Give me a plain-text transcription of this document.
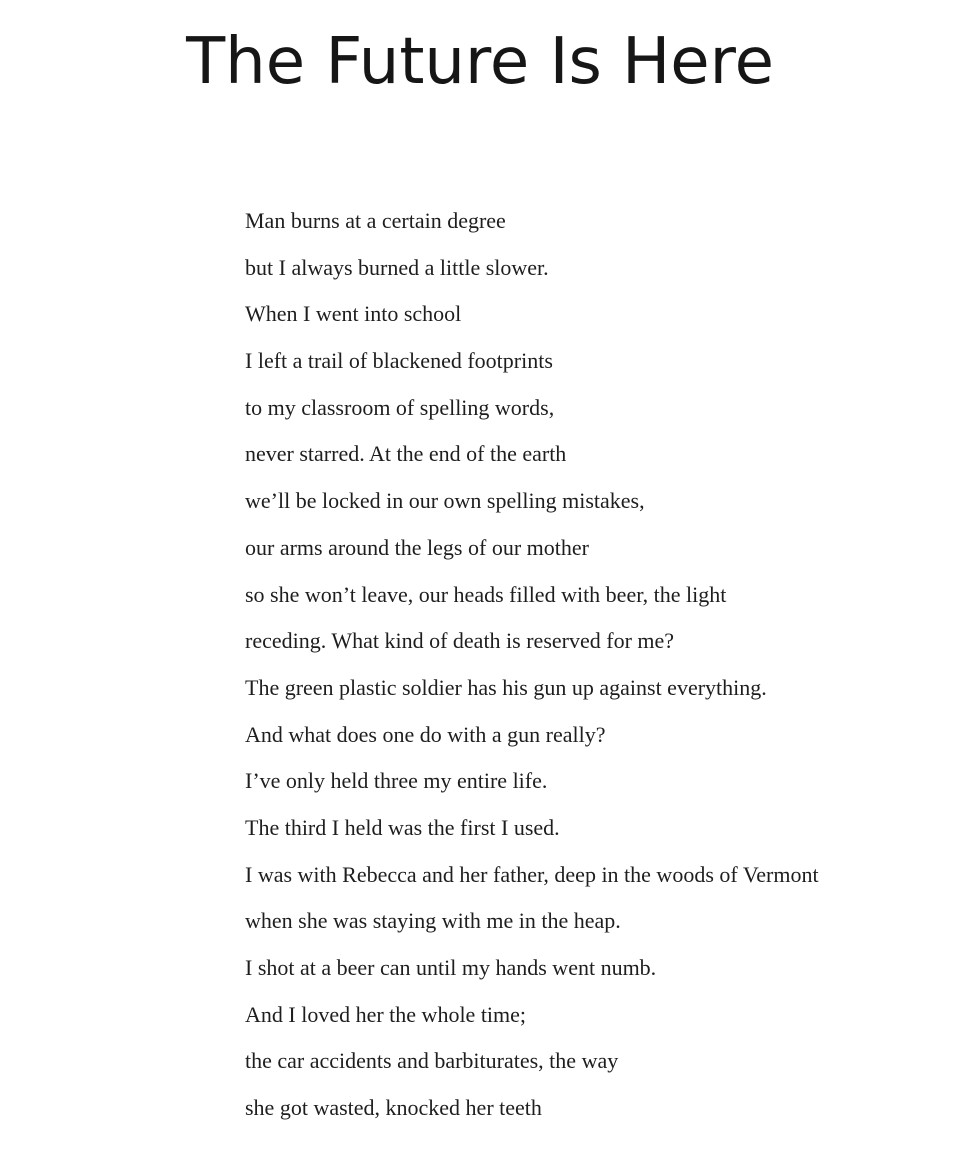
The Future Is Here
Man burns at a certain degree
but I always burned a little slower.
When I went into school
I left a trail of blackened footprints
to my classroom of spelling words,
never starred. At the end of the earth
we’ll be locked in our own spelling mistakes,
our arms around the legs of our mother
so she won’t leave, our heads filled with beer, the light
receding. What kind of death is reserved for me?
The green plastic soldier has his gun up against everything.
And what does one do with a gun really?
I’ve only held three my entire life.
The third I held was the first I used.
I was with Rebecca and her father, deep in the woods of Vermont
when she was staying with me in the heap.
I shot at a beer can until my hands went numb.
And I loved her the whole time;
the car accidents and barbiturates, the way
she got wasted, knocked her teeth
